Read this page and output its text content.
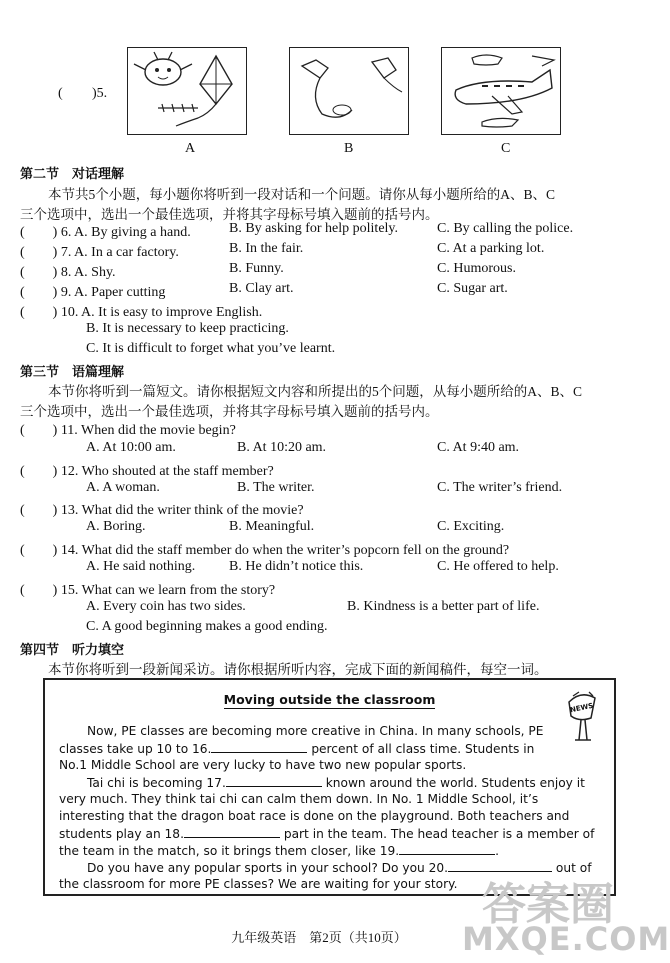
( )5.
A	B	C
第二节　对话理解
本节共5个小题，每小题你将听到一段对话和一个问题。请你从每小题所给的A、B、C
三个选项中，选出一个最佳选项，并将其字母标号填入题前的括号内。
(　　) 6. A. By giving a hand.	B. By asking for help politely.	C. By calling the police.
(　　) 7. A. In a car factory.	B. In the fair.	C. At a parking lot.
(　　) 8. A. Shy.	B. Funny.	C. Humorous.
(　　) 9. A. Paper cutting	B. Clay art.	C. Sugar art.
(　　) 10. A. It is easy to improve English.
B. It is necessary to keep practicing.
C. It is difficult to forget what you’ve learnt.
第三节　语篇理解
本节你将听到一篇短文。请你根据短文内容和所提出的5个问题，从每小题所给的A、B、C
三个选项中，选出一个最佳选项，并将其字母标号填入题前的括号内。
(　　) 11. When did the movie begin?
A. At 10:00 am.	B. At 10:20 am.	C. At 9:40 am.
(　　) 12. Who shouted at the staff member?
A. A woman.	B. The writer.	C. The writer’s friend.
(　　) 13. What did the writer think of the movie?
A. Boring.	B. Meaningful.	C. Exciting.
(　　) 14. What did the staff member do when the writer’s popcorn fell on the ground?
A. He said nothing. B. He didn’t notice this.	C. He offered to help.
(　　) 15. What can we learn from the story?
A. Every coin has two sides.	B. Kindness is a better part of life.
C. A good beginning makes a good ending.
第四节　听力填空
本节你将听到一段新闻采访。请你根据所听内容，完成下面的新闻稿件，每空一词。
Moving outside the classroom
NEWS
Now, PE classes are becoming more creative in China. In many schools, PE
classes take up 10 to 16.	percent of all class time. Students in
No.1 Middle School are very lucky to have two new popular sports.
Tai chi is becoming 17.	known around the world. Students enjoy it
very much. They think tai chi can calm them down. In No. 1 Middle School, it’s
interesting that the dragon boat race is done on the playground. Both teachers and
students play an 18.	part in the team. The head teacher is a member of
the team in the match, so it brings them closer, like 19.	.
Do you have any popular sports in your school? Do you 20.	out of
the classroom for more PE classes? We are waiting for your story.
九年级英语　第2页（共10页）
答案圈
MXQE.COM
